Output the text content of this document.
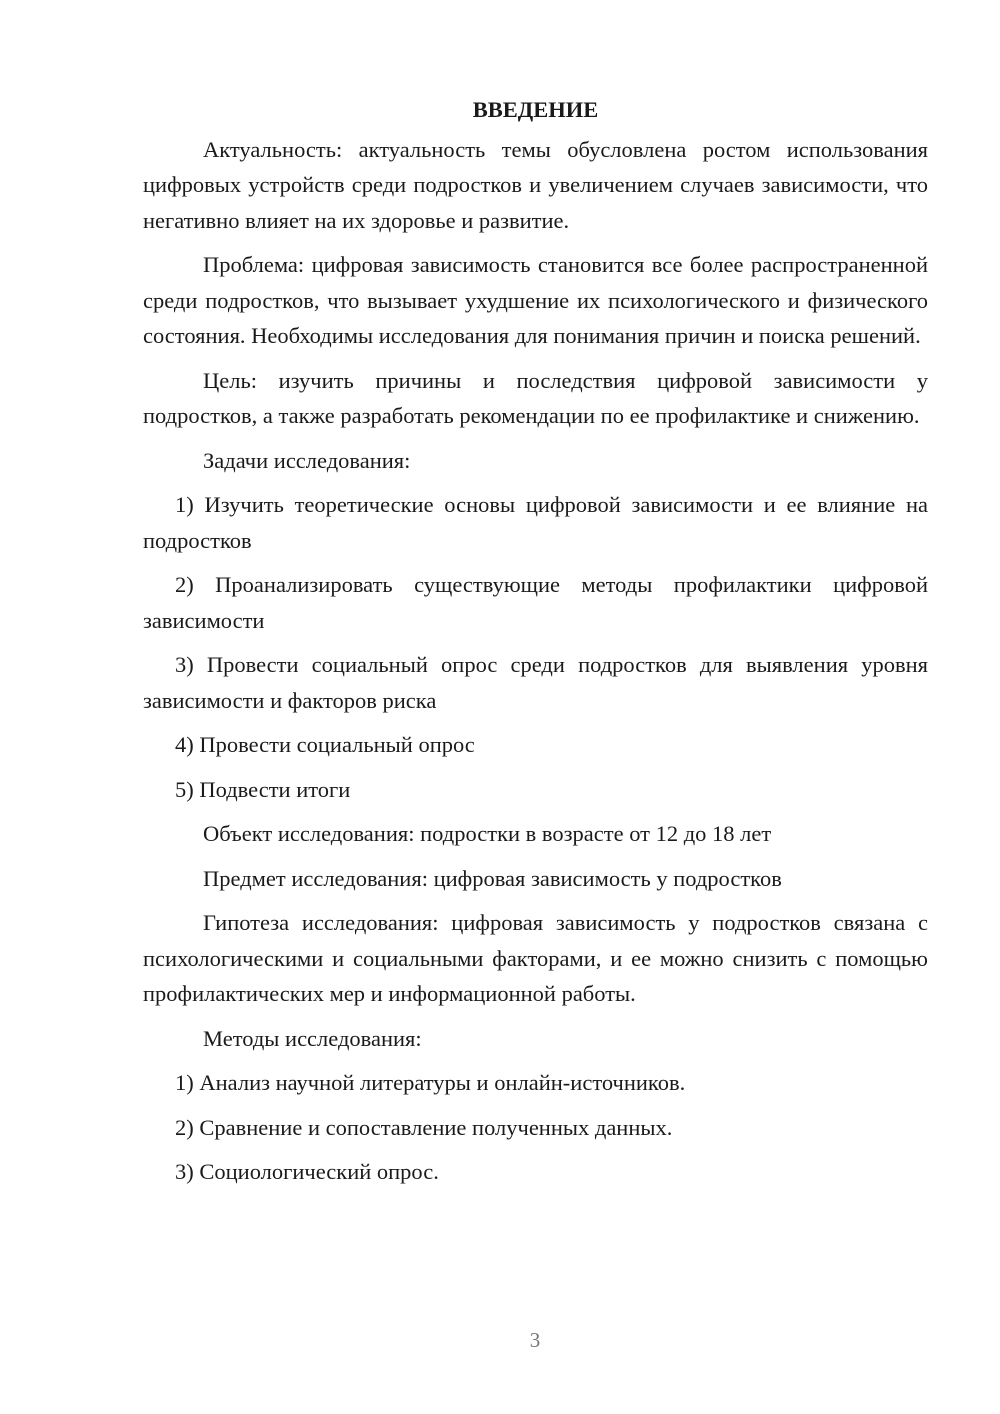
ВВЕДЕНИЕ

Актуальность: актуальность темы обусловлена ростом использования цифровых устройств среди подростков и увеличением случаев зависимости, что негативно влияет на их здоровье и развитие.

Проблема: цифровая зависимость становится все более распространенной среди подростков, что вызывает ухудшение их психологического и физического состояния. Необходимы исследования для понимания причин и поиска решений.

Цель: изучить причины и последствия цифровой зависимости у подростков, а также разработать рекомендации по ее профилактике и снижению.

Задачи исследования:

1) Изучить теоретические основы цифровой зависимости и ее влияние на подростков

2) Проанализировать существующие методы профилактики цифровой зависимости

3) Провести социальный опрос среди подростков для выявления уровня зависимости и факторов риска

4) Провести социальный опрос

5) Подвести итоги

Объект исследования: подростки в возрасте от 12 до 18 лет

Предмет исследования: цифровая зависимость у подростков

Гипотеза исследования: цифровая зависимость у подростков связана с психологическими и социальными факторами, и ее можно снизить с помощью профилактических мер и информационной работы.

Методы исследования:

1) Анализ научной литературы и онлайн-источников.

2) Сравнение и сопоставление полученных данных.

3) Социологический опрос.

3
